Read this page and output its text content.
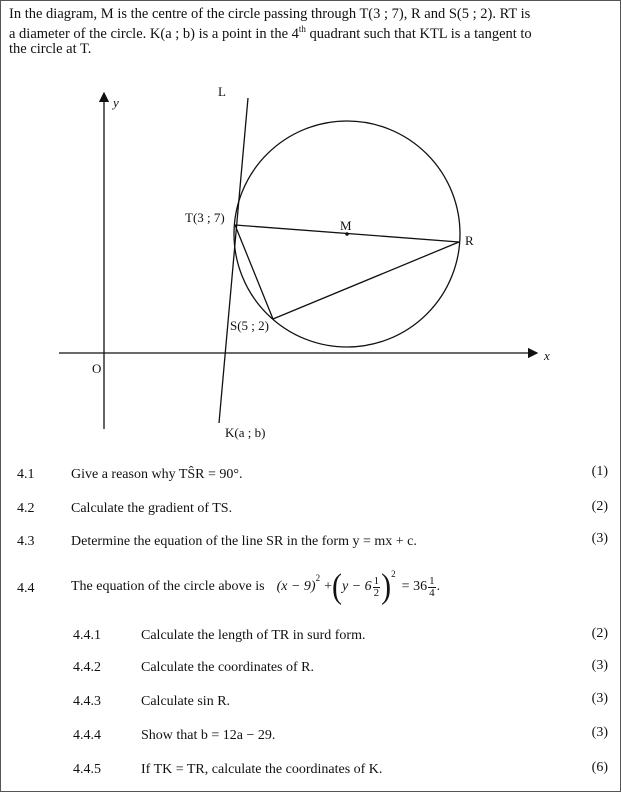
In the diagram, M is the centre of the circle passing through T(3 ; 7), R and S(5 ; 2). RT is

a diameter of the circle. K(a ; b) is a point in the 4th quadrant such that KTL is a tangent to

the circle at T.

y
x
O
L
T(3 ; 7)
M
R
S(5 ; 2)
K(a ; b)
4.1	Give a reason why TŜR = 90°.	(1)
4.2	Calculate the gradient of TS.	(2)
4.3	Determine the equation of the line SR in the form y = mx + c.	(3)
4.4	The equation of the circle above is (x − 9)
$^2$
+ ( $y - 6 \frac{1}{2} )^2$
= $36 \frac{1}{4}$ .
4.4.1	Calculate the length of TR in surd form.	(2)
4.4.2	Calculate the coordinates of R.	(3)
4.4.3	Calculate sin R.	(3)
4.4.4	Show that b = 12a − 29.	(3)
4.4.5	If TK = TR, calculate the coordinates of K.	(6)
